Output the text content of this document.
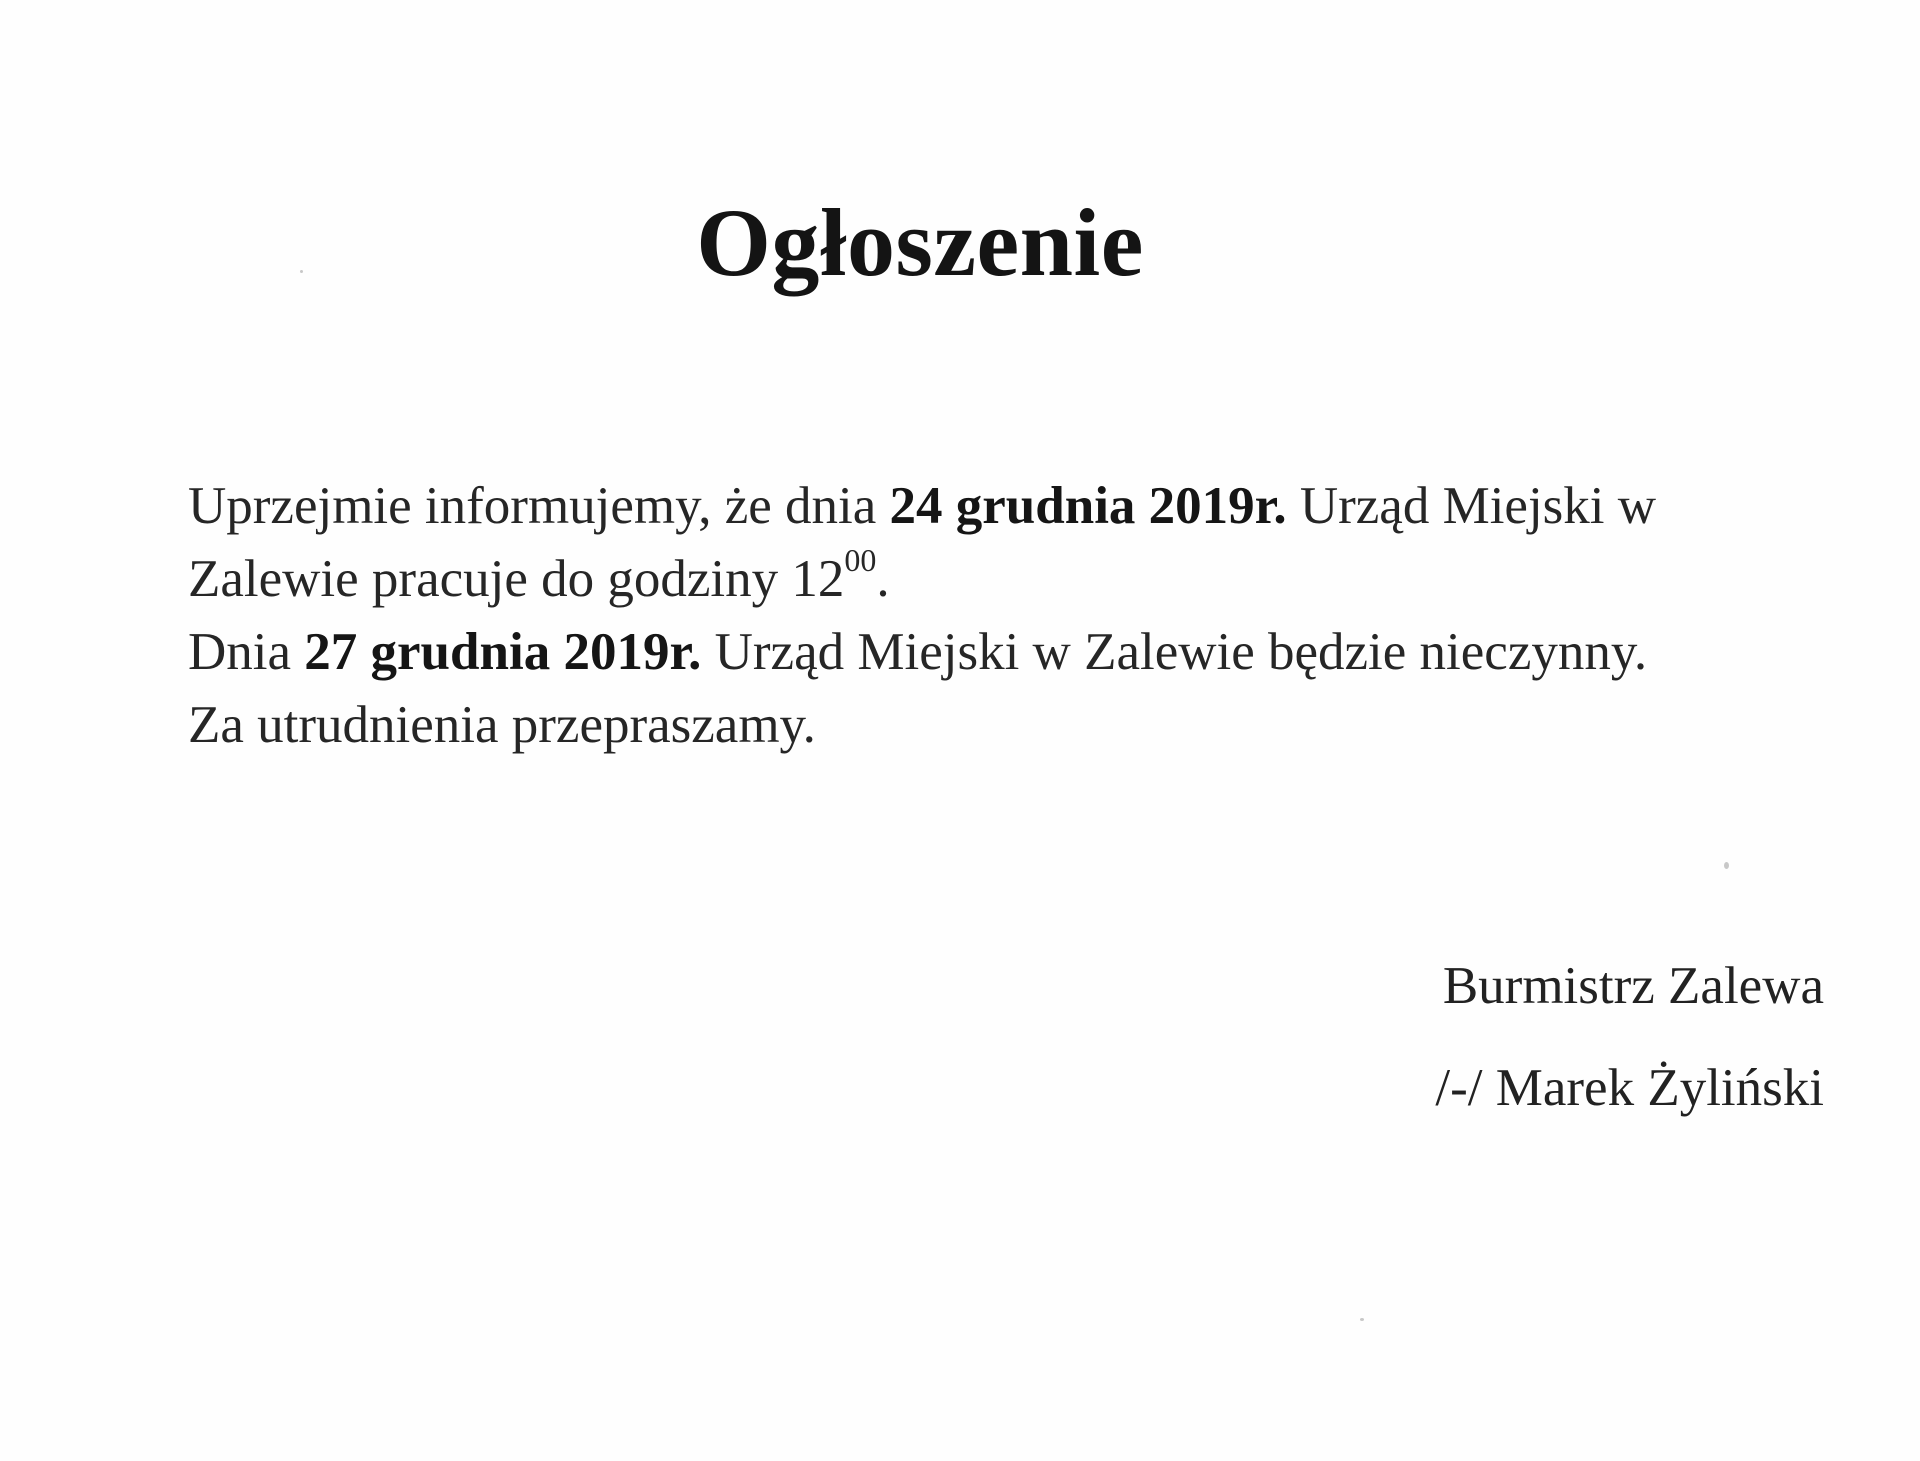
Ogłoszenie

Uprzejmie informujemy, że dnia 24 grudnia 2019r. Urząd Miejski w Zalewie pracuje do godziny $12^{00}$.

Dnia 27 grudnia 2019r. Urząd Miejski w Zalewie będzie nieczynny.

Za utrudnienia przepraszamy.

Burmistrz Zalewa
/-/ Marek Żyliński
